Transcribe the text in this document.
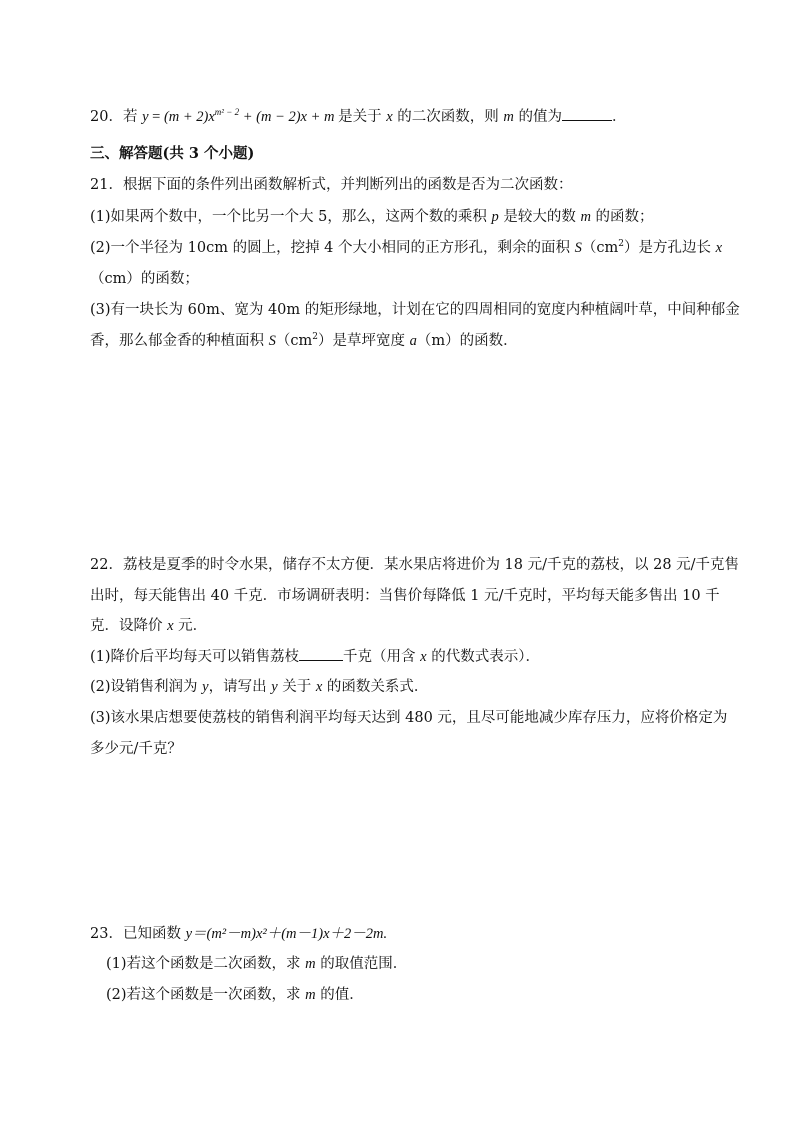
20．若 $y = (m + 2)x^{m^2 - 2} + (m - 2)x + m$ 是关于 x 的二次函数，则 m 的值为	．
三、解答题(共 3 个小题)
21．根据下面的条件列出函数解析式，并判断列出的函数是否为二次函数：
(1)如果两个数中，一个比另一个大 5，那么，这两个数的乘积 p 是较大的数 m 的函数；
(2)一个半径为 10cm 的圆上，挖掉 4 个大小相同的正方形孔，剩余的面积 $S(cm^2)$是方孔边长 x
（cm）的函数；
(3)有一块长为 60m、宽为 40m 的矩形绿地，计划在它的四周相同的宽度内种植阔叶草，中间种郁金
香，那么郁金香的种植面积 $S(cm^2)$是草坪宽度 a（m）的函数．
22．荔枝是夏季的时令水果，储存不太方便．某水果店将进价为 18 元/千克的荔枝，以 28 元/千克售
出时，每天能售出 40 千克．市场调研表明：当售价每降低 1 元/千克时，平均每天能多售出 10 千
克．设降价 x 元．
(1)降价后平均每天可以销售荔枝	千克（用含 x 的代数式表示）．
(2)设销售利润为 y，请写出 y 关于 x 的函数关系式．
(3)该水果店想要使荔枝的销售利润平均每天达到 480 元，且尽可能地减少库存压力，应将价格定为
多少元/千克？
23．已知函数 y＝(m²－m)x²＋(m－1)x＋2－2m.
(1)若这个函数是二次函数，求 m 的取值范围．
(2)若这个函数是一次函数，求 m 的值．
